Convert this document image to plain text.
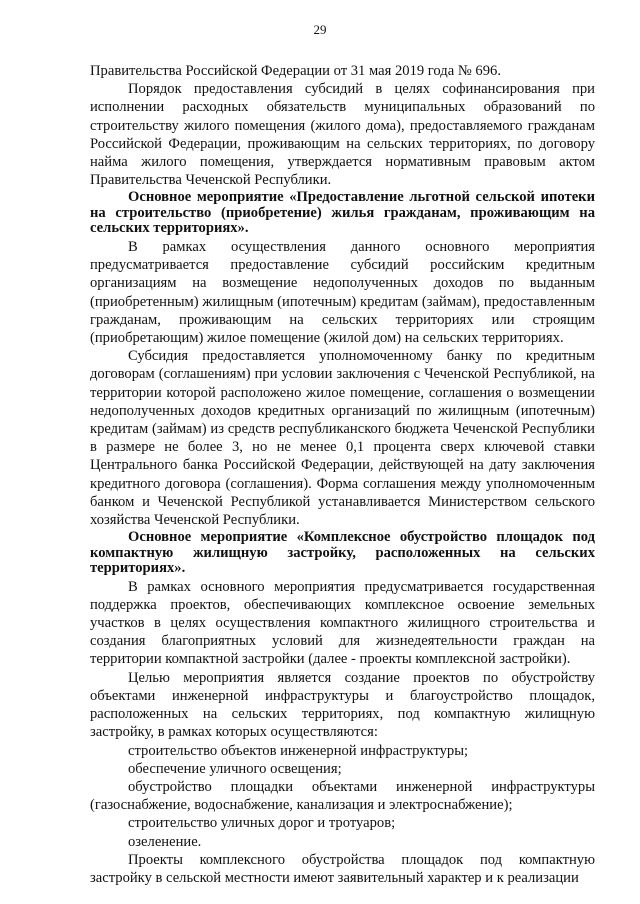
29

Правительства Российской Федерации от 31 мая 2019 года № 696.

Порядок предоставления субсидий в целях софинансирования при исполнении расходных обязательств муниципальных образований по строительству жилого помещения (жилого дома), предоставляемого гражданам Российской Федерации, проживающим на сельских территориях, по договору найма жилого помещения, утверждается нормативным правовым актом Правительства Чеченской Республики.

Основное мероприятие «Предоставление льготной сельской ипотеки на строительство (приобретение) жилья гражданам, проживающим на сельских территориях».

В рамках осуществления данного основного мероприятия предусматривается предоставление субсидий российским кредитным организациям на возмещение недополученных доходов по выданным (приобретенным) жилищным (ипотечным) кредитам (займам), предоставленным гражданам, проживающим на сельских территориях или строящим (приобретающим) жилое помещение (жилой дом) на сельских территориях.

Субсидия предоставляется уполномоченному банку по кредитным договорам (соглашениям) при условии заключения с Чеченской Республикой, на территории которой расположено жилое помещение, соглашения о возмещении недополученных доходов кредитных организаций по жилищным (ипотечным) кредитам (займам) из средств республиканского бюджета Чеченской Республики в размере не более 3, но не менее 0,1 процента сверх ключевой ставки Центрального банка Российской Федерации, действующей на дату заключения кредитного договора (соглашения). Форма соглашения между уполномоченным банком и Чеченской Республикой устанавливается Министерством сельского хозяйства Чеченской Республики.

Основное мероприятие «Комплексное обустройство площадок под компактную жилищную застройку, расположенных на сельских территориях».

В рамках основного мероприятия предусматривается государственная поддержка проектов, обеспечивающих комплексное освоение земельных участков в целях осуществления компактного жилищного строительства и создания благоприятных условий для жизнедеятельности граждан на территории компактной застройки (далее - проекты комплексной застройки).

Целью мероприятия является создание проектов по обустройству объектами инженерной инфраструктуры и благоустройство площадок, расположенных на сельских территориях, под компактную жилищную застройку, в рамках которых осуществляются:

строительство объектов инженерной инфраструктуры;

обеспечение уличного освещения;

обустройство площадки объектами инженерной инфраструктуры (газоснабжение, водоснабжение, канализация и электроснабжение);

строительство уличных дорог и тротуаров;

озеленение.

Проекты комплексного обустройства площадок под компактную застройку в сельской местности имеют заявительный характер и к реализации
